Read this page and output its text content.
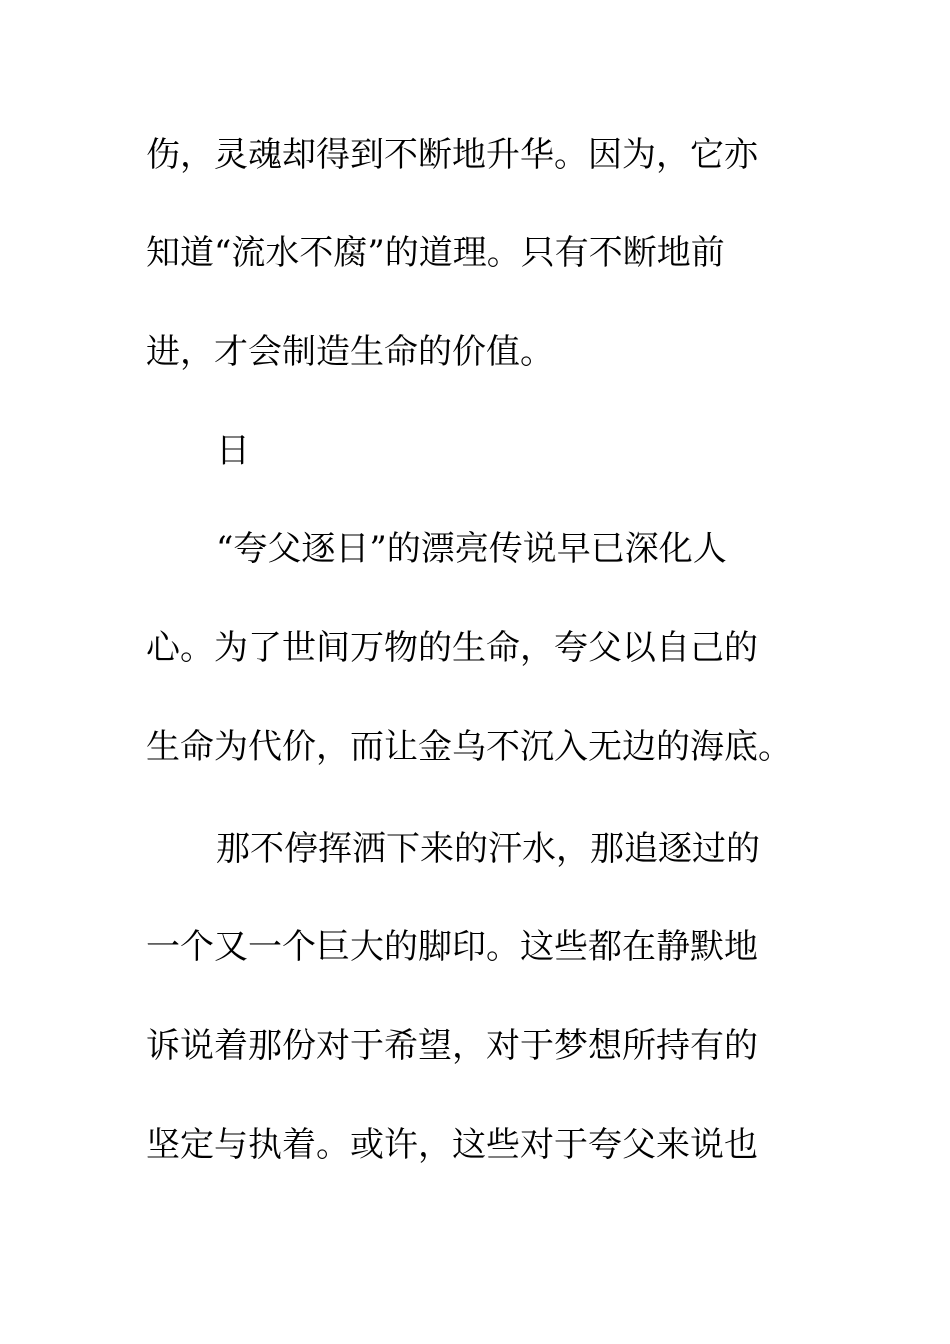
伤，灵魂却得到不断地升华。因为，它亦
知道“流水不腐”的道理。只有不断地前
进，才会制造生命的价值。
日
“夸父逐日”的漂亮传说早已深化人
心。为了世间万物的生命，夸父以自己的
生命为代价，而让金乌不沉入无边的海底。
那不停挥洒下来的汗水，那追逐过的
一个又一个巨大的脚印。这些都在静默地
诉说着那份对于希望，对于梦想所持有的
坚定与执着。或许，这些对于夸父来说也
